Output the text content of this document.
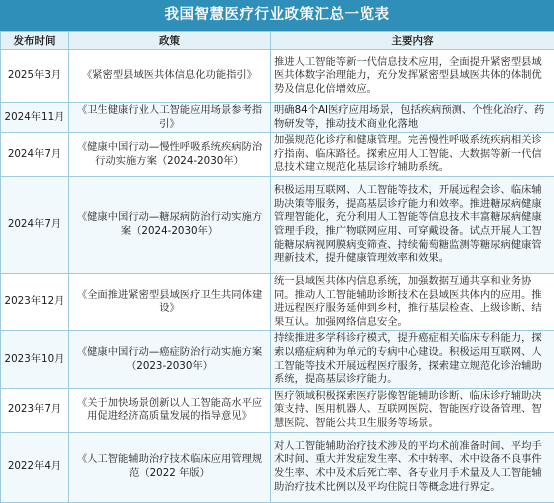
我国智慧医疗行业政策汇总一览表
发布时间	政策	主要内容
2025年3月	《紧密型县域医共体信息化功能指引》	推进人工智能等新一代信息技术应用，全面提升紧密型县域医共体数字治理能力，充分发挥紧密型县域医共体的体制优势及信息化倍增效应。
2024年11月	《卫生健康行业人工智能应用场景参考指引》	明确84个AI医疗应用场景，包括疾病预测、个性化治疗、药物研发等，推动技术商业化落地
2024年7月	《健康中国行动—慢性呼吸系统疾病防治行动实施方案（2024-2030年）	加强规范化诊疗和健康管理。完善慢性呼吸系统疾病相关诊疗指南、临床路径。探索应用人工智能、大数据等新一代信息技术建立规范化基层诊疗辅助系统。
2024年7月	《健康中国行动—糖尿病防治行动实施方案（2024-2030年）	积极运用互联网、人工智能等技术，开展远程会诊、临床辅助决策等服务，提高基层诊疗能力和效率。推进糖尿病健康管理智能化，充分利用人工智能等信息技术丰富糖尿病健康管理手段，推广物联网应用、可穿戴设备。试点开展人工智能糖尿病视网膜病变筛查、持续葡萄糖监测等糖尿病健康管理新技术，提升健康管理效率和效果。
2023年12月	《全面推进紧密型县域医疗卫生共同体建设》	统一县域医共体内信息系统，加强数据互通共享和业务协同。推动人工智能辅助诊断技术在县域医共体内的应用。推进远程医疗服务延伸到乡村，推行基层检查、上级诊断、结果互认。加强网络信息安全。
2023年10月	《健康中国行动—癌症防治行动实施方案（2023-2030年）	持续推进多学科诊疗模式，提升癌症相关临床专科能力，探索以癌症病种为单元的专病中心建设。积极运用互联网、人工智能等技术开展远程医疗服务，探索建立规范化诊治辅助系统，提高基层诊疗能力。
2023年7月	《关于加快场景创新以人工智能高水平应用促进经济高质量发展的指导意见》	医疗领域积极探索医疗影像智能辅助诊断、临床诊疗辅助决策支持、医用机器人、互联网医院、智能医疗设备管理、智慧医院、智能公共卫生服务等场景。
2022年4月	《人工智能辅助治疗技术临床应用管理规范（2022 年版）	对人工智能辅助治疗技术涉及的平均术前准备时间、平均手术时间、重大并发症发生率、术中转率、术中设备不良事件发生率、术中及术后死亡率、各专业月手术量及人工智能辅助治疗技术比例以及平均住院日等概念进行界定。
